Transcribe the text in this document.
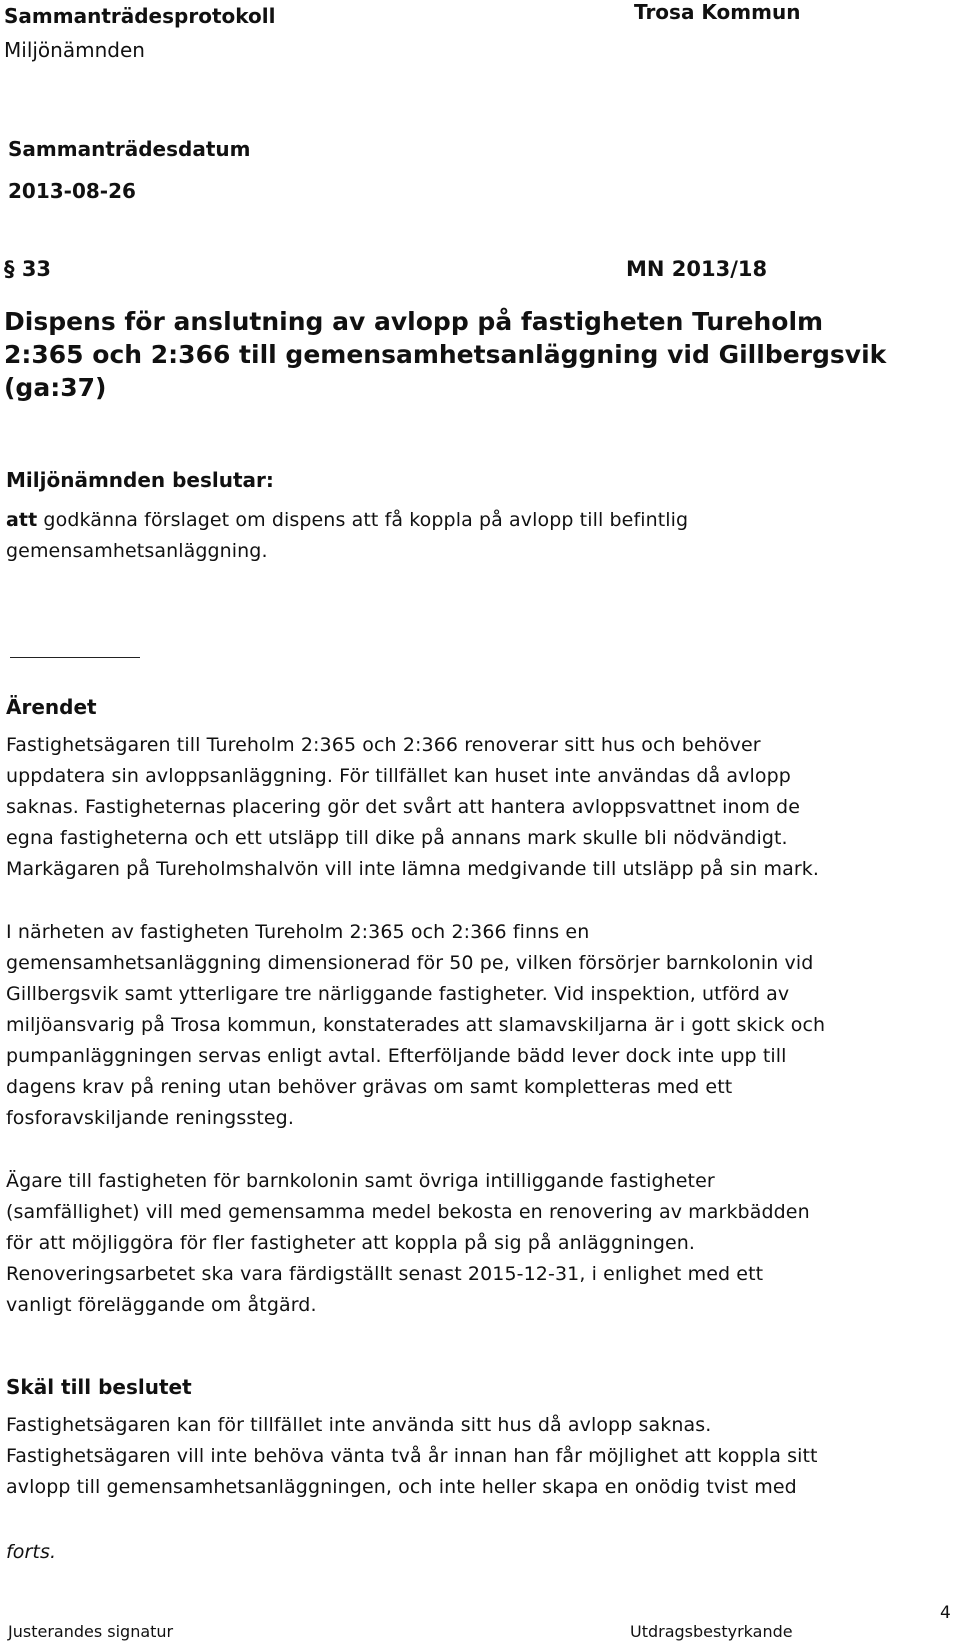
Sammanträdesprotokoll	Trosa Kommun
Miljönämnden
Sammanträdesdatum
2013-08-26
§ 33	MN 2013/18
Dispens för anslutning av avlopp på fastigheten Tureholm
2:365 och 2:366 till gemensamhetsanläggning vid Gillbergsvik
(ga:37)
Miljönämnden beslutar:
att godkänna förslaget om dispens att få koppla på avlopp till befintlig
gemensamhetsanläggning.
Ärendet
Fastighetsägaren till Tureholm 2:365 och 2:366 renoverar sitt hus och behöver
uppdatera sin avloppsanläggning. För tillfället kan huset inte användas då avlopp
saknas. Fastigheternas placering gör det svårt att hantera avloppsvattnet inom de
egna fastigheterna och ett utsläpp till dike på annans mark skulle bli nödvändigt.
Markägaren på Tureholmshalvön vill inte lämna medgivande till utsläpp på sin mark.
I närheten av fastigheten Tureholm 2:365 och 2:366 finns en
gemensamhetsanläggning dimensionerad för 50 pe, vilken försörjer barnkolonin vid
Gillbergsvik samt ytterligare tre närliggande fastigheter. Vid inspektion, utförd av
miljöansvarig på Trosa kommun, konstaterades att slamavskiljarna är i gott skick och
pumpanläggningen servas enligt avtal. Efterföljande bädd lever dock inte upp till
dagens krav på rening utan behöver grävas om samt kompletteras med ett
fosforavskiljande reningssteg.
Ägare till fastigheten för barnkolonin samt övriga intilliggande fastigheter
(samfällighet) vill med gemensamma medel bekosta en renovering av markbädden
för att möjliggöra för fler fastigheter att koppla på sig på anläggningen.
Renoveringsarbetet ska vara färdigställt senast 2015-12-31, i enlighet med ett
vanligt föreläggande om åtgärd.
Skäl till beslutet
Fastighetsägaren kan för tillfället inte använda sitt hus då avlopp saknas.
Fastighetsägaren vill inte behöva vänta två år innan han får möjlighet att koppla sitt
avlopp till gemensamhetsanläggningen, och inte heller skapa en onödig tvist med
forts.
Justerandes signatur	Utdragsbestyrkande
4
